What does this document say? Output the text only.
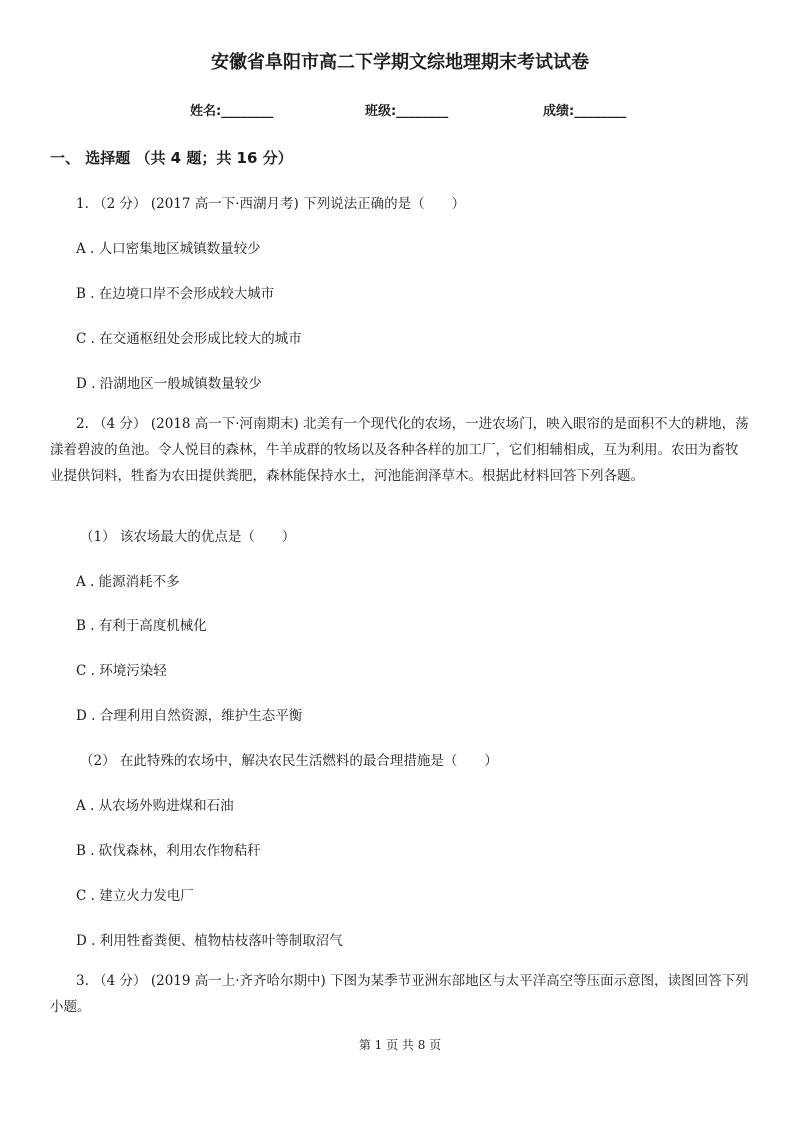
安徽省阜阳市高二下学期文综地理期末考试试卷
姓名:________	班级:________	成绩:________
一、 选择题 （共 4 题；共 16 分）
1. （2 分） (2017 高一下·西湖月考) 下列说法正确的是（　　）
A . 人口密集地区城镇数量较少
B . 在边境口岸不会形成较大城市
C . 在交通枢纽处会形成比较大的城市
D . 沿湖地区一般城镇数量较少
2. （4 分） (2018 高一下·河南期末) 北美有一个现代化的农场，一进农场门，映入眼帘的是面积不大的耕地，荡漾着碧波的鱼池。令人悦目的森林，牛羊成群的牧场以及各种各样的加工厂，它们相辅相成，互为利用。农田为畜牧业提供饲料，牲畜为农田提供粪肥，森林能保持水土，河池能润泽草木。根据此材料回答下列各题。
（1） 该农场最大的优点是（　　）
A . 能源消耗不多
B . 有利于高度机械化
C . 环境污染轻
D . 合理利用自然资源，维护生态平衡
（2） 在此特殊的农场中，解决农民生活燃料的最合理措施是（　　）
A . 从农场外购进煤和石油
B . 砍伐森林，利用农作物秸秆
C . 建立火力发电厂
D . 利用牲畜粪便、植物枯枝落叶等制取沼气
3. （4 分） (2019 高一上·齐齐哈尔期中) 下图为某季节亚洲东部地区与太平洋高空等压面示意图，读图回答下列小题。
第 1 页 共 8 页
